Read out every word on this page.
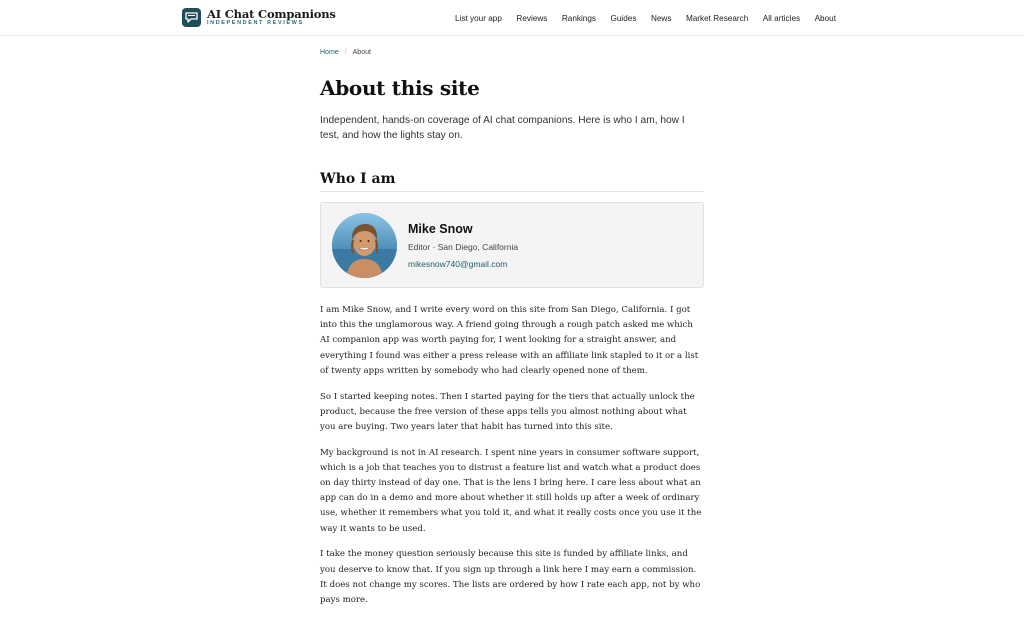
AI Chat Companions
INDEPENDENT REVIEWS
List your app Reviews Rankings Guides News Market Research All articles About
Home / About
About this site

Independent, hands-on coverage of AI chat companions. Here is who I am, how I test, and how the lights stay on.

Who I am
Mike Snow
Editor · San Diego, California
mikesnow740@gmail.com

I am Mike Snow, and I write every word on this site from San Diego, California. I got into this the unglamorous way. A friend going through a rough patch asked me which AI companion app was worth paying for, I went looking for a straight answer, and everything I found was either a press release with an affiliate link stapled to it or a list of twenty apps written by somebody who had clearly opened none of them.

So I started keeping notes. Then I started paying for the tiers that actually unlock the product, because the free version of these apps tells you almost nothing about what you are buying. Two years later that habit has turned into this site.

My background is not in AI research. I spent nine years in consumer software support, which is a job that teaches you to distrust a feature list and watch what a product does on day thirty instead of day one. That is the lens I bring here. I care less about what an app can do in a demo and more about whether it still holds up after a week of ordinary use, whether it remembers what you told it, and what it really costs once you use it the way it wants to be used.

I take the money question seriously because this site is funded by affiliate links, and you deserve to know that. If you sign up through a link here I may earn a commission. It does not change my scores. The lists are ordered by how I rate each app, not by who pays more.
